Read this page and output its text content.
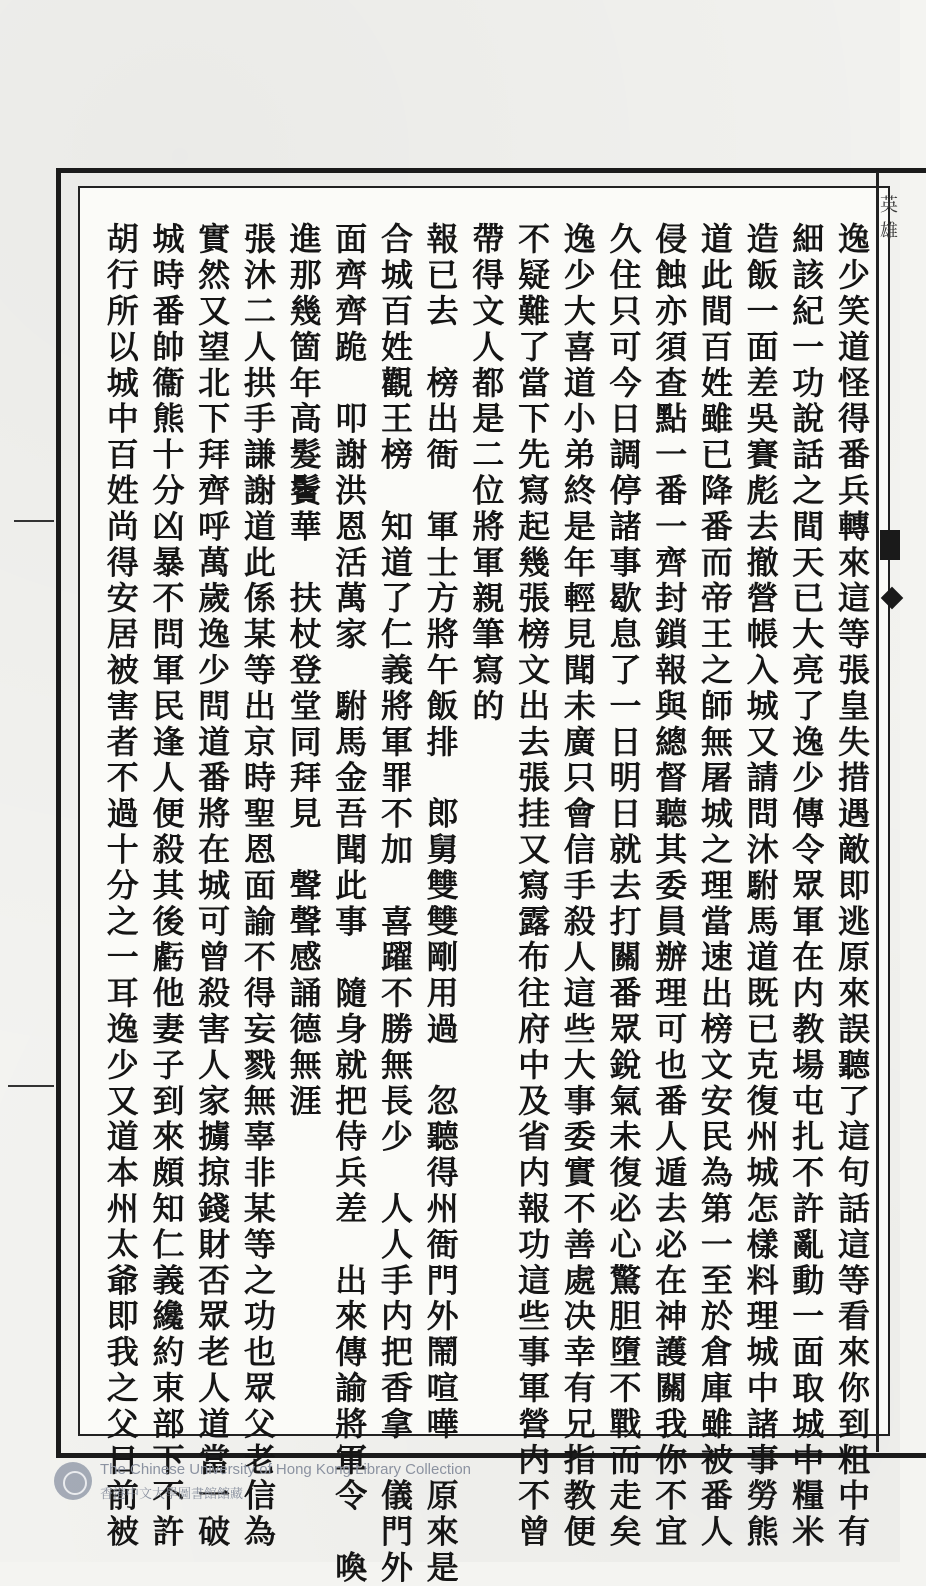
英雄
逸少笑道怪得番兵轉來這等張皇失措遇敵即逃原來誤聽了這句話這等看來你到粗中有
細該紀一功說話之間天已大亮了逸少傳令眾軍在内教場屯扎不許亂動一面取城中糧米
造飯一面差吳賽彪去撤營帳入城又請問沐駙馬道既已克復州城怎樣料理城中諸事勞熊
道此間百姓雖已降番而帝王之師無屠城之理當速出榜文安民為第一至於倉庫雖被番人
侵蝕亦須查點一番一齊封鎖報與總督聽其委員辦理可也番人遁去必在神護關我你不宜
久住只可今日調停諸事歇息了一日明日就去打關番眾銳氣未復必心驚胆墮不戰而走矣
逸少大喜道小弟終是年輕見聞未廣只會信手殺人這些大事委實不善處决幸有兄指教便
不疑難了當下先寫起幾張榜文出去張挂又寫露布往府中及省内報功這些事軍營内不曾
帶得文人都是二位將軍親筆寫的
報已去　榜出衙　軍士方將午飯排　郎舅雙雙剛用過　忽聽得州衙門外鬧喧嘩　原來是
合城百姓觀王榜　知道了仁義將軍罪不加　喜躍不勝無長少　人人手内把香拿　儀門外
面齊齊跪　叩謝洪恩活萬家　駙馬金吾聞此事　隨身就把侍兵差　出來傳諭將軍令　喚
進那幾箇年高髮鬢華　扶杖登堂同拜見　聲聲感誦德無涯
張沐二人拱手謙謝道此係某等出京時聖恩面諭不得妄戮無辜非某等之功也眾父老信為
實然又望北下拜齊呼萬歲逸少問道番將在城可曾殺害人家擄掠錢財否眾老人道當一破
城時番帥衞熊十分凶暴不問軍民逢人便殺其後虧他妻子到來頗知仁義纔約束部下不許
胡行所以城中百姓尚得安居被害者不過十分之一耳逸少又道本州太爺即我之父日前被
The Chinese University of Hong Kong Library Collection
香港中文大學圖書館館藏
